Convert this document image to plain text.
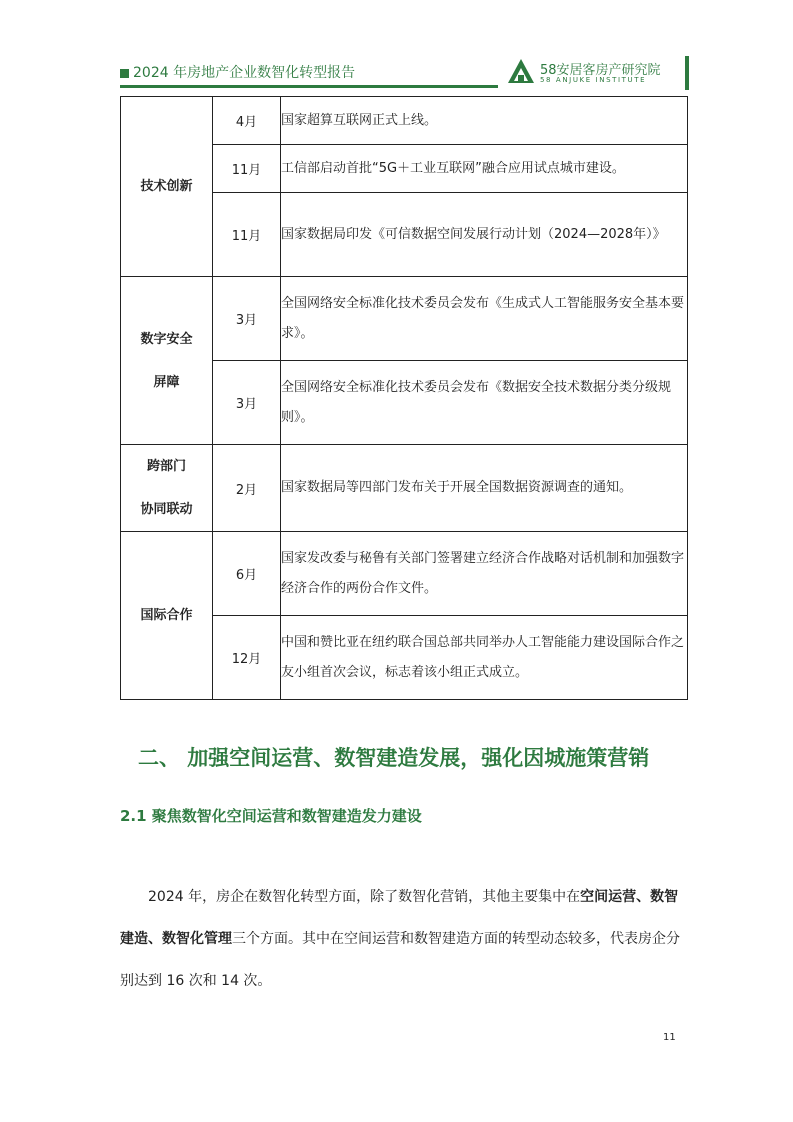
2024 年房地产企业数智化转型报告	58安居客房产研究院
58 ANJUKE INSTITUTE
技术创新	4月	国家超算互联网正式上线。
	11月	工信部启动首批“5G＋工业互联网”融合应用试点城市建设。
	11月	国家数据局印发《可信数据空间发展行动计划（2024—2028年）》

数字安全
屏障	3月	全国网络安全标准化技术委员会发布《生成式人工智能服务安全基本要求》。
	3月	全国网络安全标准化技术委员会发布《数据安全技术数据分类分级规则》。

跨部门
协同联动	2月	国家数据局等四部门发布关于开展全国数据资源调查的通知。

国际合作	6月	国家发改委与秘鲁有关部门签署建立经济合作战略对话机制和加强数字经济合作的两份合作文件。
	12月	中国和赞比亚在纽约联合国总部共同举办人工智能能力建设国际合作之友小组首次会议，标志着该小组正式成立。
二、 加强空间运营、数智建造发展，强化因城施策营销
2.1 聚焦数智化空间运营和数智建造发力建设

2024 年，房企在数智化转型方面，除了数智化营销，其他主要集中在空间运营、数智建造、数智化管理三个方面。其中在空间运营和数智建造方面的转型动态较多，代表房企分别达到 16 次和 14 次。

11
